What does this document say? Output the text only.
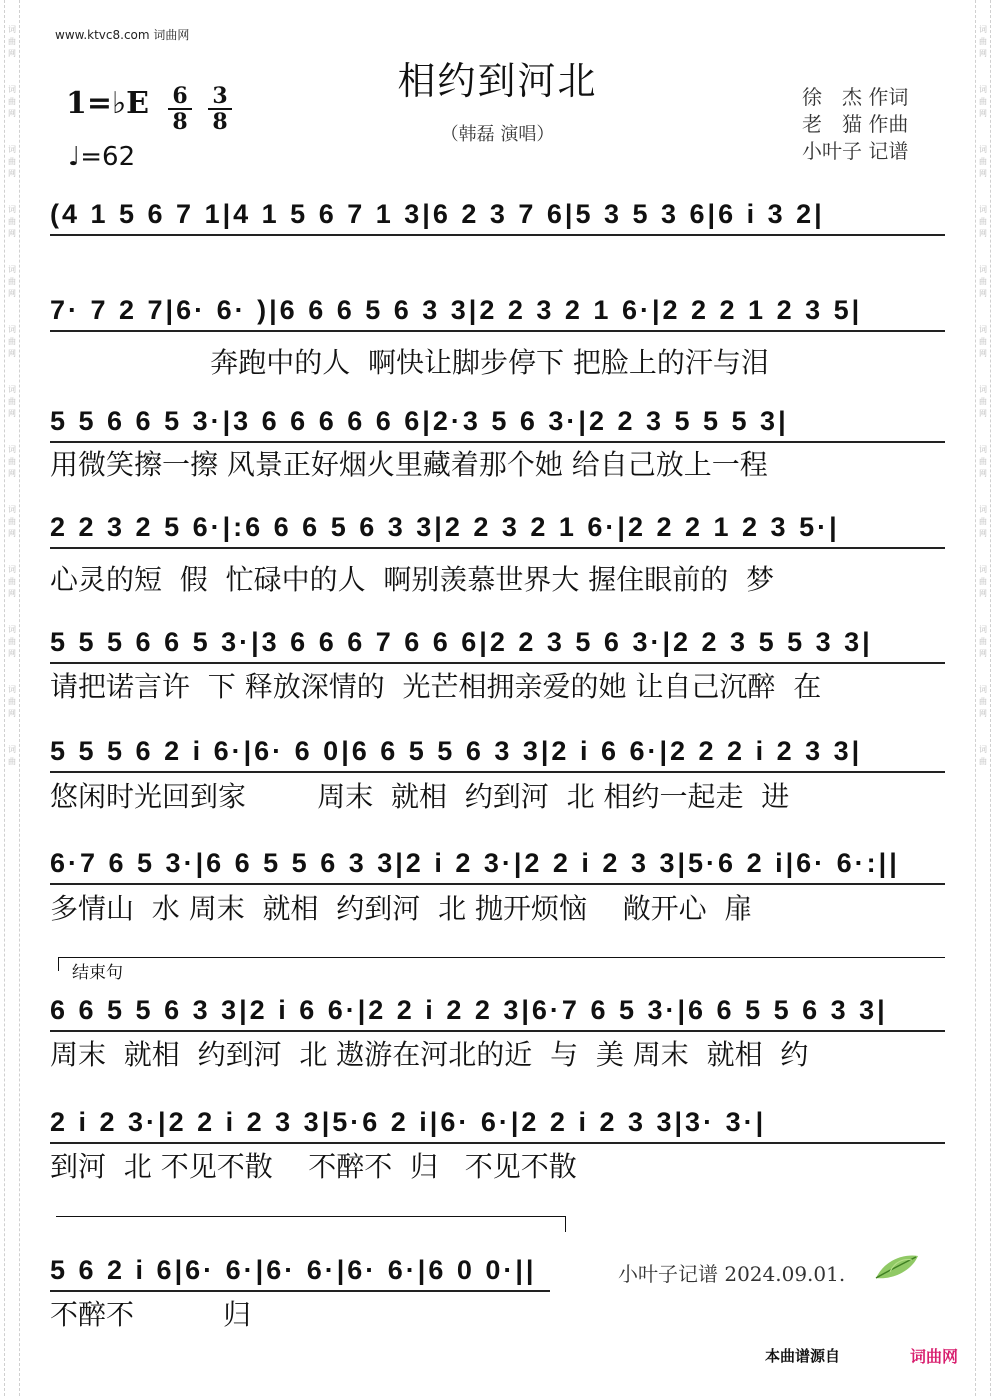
词
曲
网
词
曲
网
词
曲
网
词
曲
网
词
曲
网
词
曲
网
词
曲
网
词
曲
网
词
曲
网
词
曲
网
词
曲
网
词
曲
网
词
曲
词
曲
网
词
曲
网
词
曲
网
词
曲
网
词
曲
网
词
曲
网
词
曲
网
词
曲
网
词
曲
网
词
曲
网
词
曲
网
词
曲
网
词
曲
www.ktvc8.com 词曲网
相约到河北
（韩磊 演唱）
1=♭E $\frac{6}{8} \frac{3}{8}$
♩=62
徐　杰 作词
老　猫 作曲
小叶子 记谱
(4 1 5 6 7 1|4 1 5 6 7 1 3|6 2 3 7 6|5 3 5 3 6|6 i 3 2|
7· 7 2 7|6· 6· )|6 6 6 5 6 3 3|2 2 3 2 1 6·|2 2 2 1 2 3 5|
奔跑中的人  啊快让脚步停下 把脸上的汗与泪
5 5 6 6 5 3·|3 6 6 6 6 6 6|2·3 5 6 3·|2 2 3 5 5 5 3|
用微笑擦一擦 风景正好烟火里藏着那个她 给自己放上一程
2 2 3 2 5 6·|:6 6 6 5 6 3 3|2 2 3 2 1 6·|2 2 2 1 2 3 5·|
心灵的短  假  忙碌中的人  啊别羡慕世界大 握住眼前的  梦
5 5 5 6 6 5 3·|3 6 6 6 7 6 6 6|2 2 3 5 6 3·|2 2 3 5 5 3 3|
请把诺言许  下 释放深情的  光芒相拥亲爱的她 让自己沉醉  在
5 5 5 6 2 i 6·|6· 6 0|6 6 5 5 6 3 3|2 i 6 6·|2 2 2 i 2 3 3|
悠闲时光回到家        周末  就相  约到河  北 相约一起走  进
6·7 6 5 3·|6 6 5 5 6 3 3|2 i 2 3·|2 2 i 2 3 3|5·6 2 i|6· 6·:||
多情山  水 周末  就相  约到河  北 抛开烦恼    敞开心  扉
结束句
6 6 5 5 6 3 3|2 i 6 6·|2 2 i 2 2 3|6·7 6 5 3·|6 6 5 5 6 3 3|
周末  就相  约到河  北 遨游在河北的近  与  美 周末  就相  约
2 i 2 3·|2 2 i 2 3 3|5·6 2 i|6· 6·|2 2 i 2 3 3|3· 3·|
到河  北 不见不散    不醉不  归   不见不散
5 6 2 i 6|6· 6·|6· 6·|6· 6·|6 0 0·||
不醉不          归
小叶子记谱 2024.09.01.
本曲谱源自	词曲网
